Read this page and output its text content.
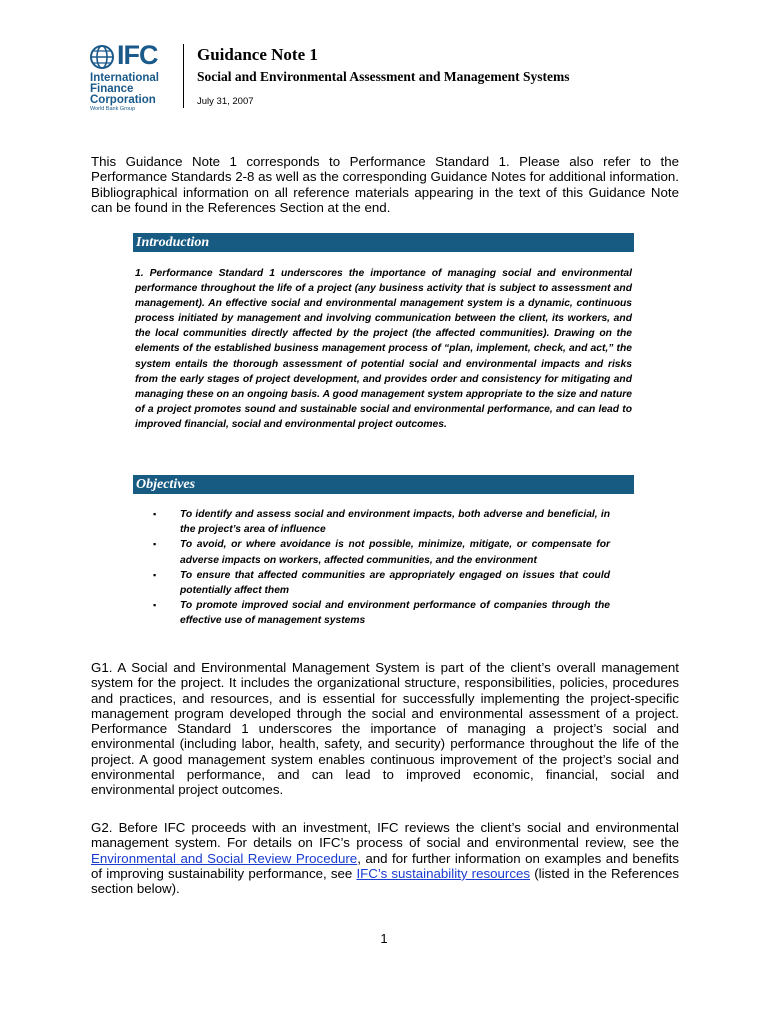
IFC
International
Finance
Corporation
World Bank Group
Guidance Note 1
Social and Environmental Assessment and Management Systems
July 31, 2007
This Guidance Note 1 corresponds to Performance Standard 1. Please also refer to the Performance Standards 2-8 as well as the corresponding Guidance Notes for additional information. Bibliographical information on all reference materials appearing in the text of this Guidance Note can be found in the References Section at the end.
Introduction
1. Performance Standard 1 underscores the importance of managing social and environmental performance throughout the life of a project (any business activity that is subject to assessment and management). An effective social and environmental management system is a dynamic, continuous process initiated by management and involving communication between the client, its workers, and the local communities directly affected by the project (the affected communities). Drawing on the elements of the established business management process of “plan, implement, check, and act,” the system entails the thorough assessment of potential social and environmental impacts and risks from the early stages of project development, and provides order and consistency for mitigating and managing these on an ongoing basis. A good management system appropriate to the size and nature of a project promotes sound and sustainable social and environmental performance, and can lead to improved financial, social and environmental project outcomes.
Objectives
▪ To identify and assess social and environment impacts, both adverse and beneficial, in the project’s area of influence
▪ To avoid, or where avoidance is not possible, minimize, mitigate, or compensate for adverse impacts on workers, affected communities, and the environment
▪ To ensure that affected communities are appropriately engaged on issues that could potentially affect them
▪ To promote improved social and environment performance of companies through the effective use of management systems
G1. A Social and Environmental Management System is part of the client’s overall management system for the project. It includes the organizational structure, responsibilities, policies, procedures and practices, and resources, and is essential for successfully implementing the project-specific management program developed through the social and environmental assessment of a project. Performance Standard 1 underscores the importance of managing a project’s social and environmental (including labor, health, safety, and security) performance throughout the life of the project. A good management system enables continuous improvement of the project’s social and environmental performance, and can lead to improved economic, financial, social and environmental project outcomes.
G2. Before IFC proceeds with an investment, IFC reviews the client’s social and environmental management system. For details on IFC’s process of social and environmental review, see the Environmental and Social Review Procedure, and for further information on examples and benefits of improving sustainability performance, see IFC’s sustainability resources (listed in the References section below).
1
